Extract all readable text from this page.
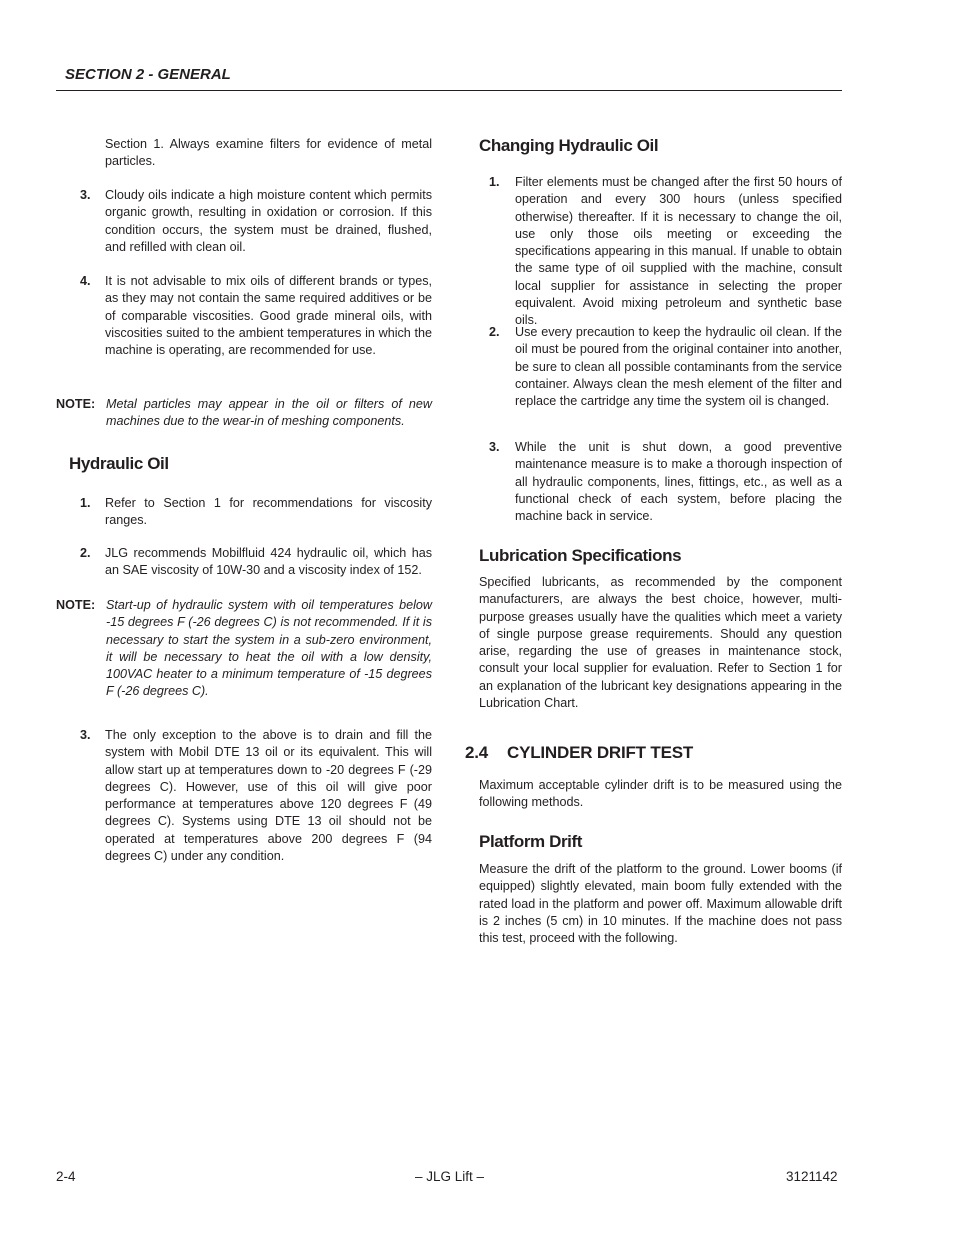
SECTION 2 - GENERAL

Section 1. Always examine filters for evidence of metal particles.

3. Cloudy oils indicate a high moisture content which permits organic growth, resulting in oxidation or corrosion. If this condition occurs, the system must be drained, flushed, and refilled with clean oil.

4. It is not advisable to mix oils of different brands or types, as they may not contain the same required additives or be of comparable viscosities. Good grade mineral oils, with viscosities suited to the ambient temperatures in which the machine is operating, are recommended for use.

NOTE: Metal particles may appear in the oil or filters of new machines due to the wear-in of meshing components.

Hydraulic Oil
1. Refer to Section 1 for recommendations for viscosity ranges.

2. JLG recommends Mobilfluid 424 hydraulic oil, which has an SAE viscosity of 10W-30 and a viscosity index of 152.

NOTE: Start-up of hydraulic system with oil temperatures below -15 degrees F (-26 degrees C) is not recommended. If it is necessary to start the system in a sub-zero environment, it will be necessary to heat the oil with a low density, 100VAC heater to a minimum temperature of -15 degrees F (-26 degrees C).

3. The only exception to the above is to drain and fill the system with Mobil DTE 13 oil or its equivalent. This will allow start up at temperatures down to -20 degrees F (-29 degrees C). However, use of this oil will give poor performance at temperatures above 120 degrees F (49 degrees C). Systems using DTE 13 oil should not be operated at temperatures above 200 degrees F (94 degrees C) under any condition.

Changing Hydraulic Oil
1. Filter elements must be changed after the first 50 hours of operation and every 300 hours (unless specified otherwise) thereafter. If it is necessary to change the oil, use only those oils meeting or exceeding the specifications appearing in this manual. If unable to obtain the same type of oil supplied with the machine, consult local supplier for assistance in selecting the proper equivalent. Avoid mixing petroleum and synthetic base oils.

2. Use every precaution to keep the hydraulic oil clean. If the oil must be poured from the original container into another, be sure to clean all possible contaminants from the service container. Always clean the mesh element of the filter and replace the cartridge any time the system oil is changed.

3. While the unit is shut down, a good preventive maintenance measure is to make a thorough inspection of all hydraulic components, lines, fittings, etc., as well as a functional check of each system, before placing the machine back in service.

Lubrication Specifications

Specified lubricants, as recommended by the component manufacturers, are always the best choice, however, multi-purpose greases usually have the qualities which meet a variety of single purpose grease requirements. Should any question arise, regarding the use of greases in maintenance stock, consult your local supplier for evaluation. Refer to Section 1 for an explanation of the lubricant key designations appearing in the Lubrication Chart.

2.4 CYLINDER DRIFT TEST

Maximum acceptable cylinder drift is to be measured using the following methods.

Platform Drift

Measure the drift of the platform to the ground. Lower booms (if equipped) slightly elevated, main boom fully extended with the rated load in the platform and power off. Maximum allowable drift is 2 inches (5 cm) in 10 minutes. If the machine does not pass this test, proceed with the following.

2-4	– JLG Lift –	3121142
